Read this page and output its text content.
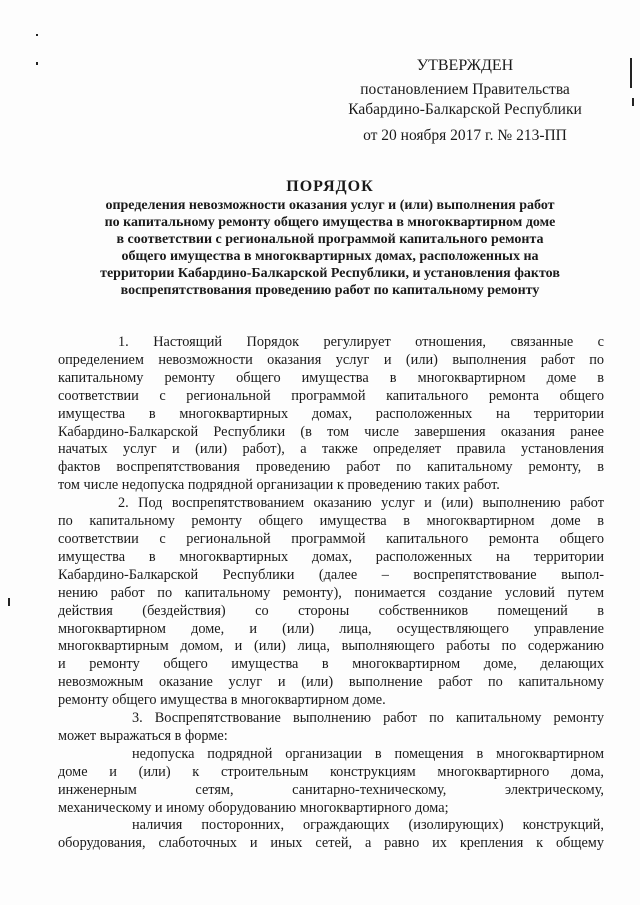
УТВЕРЖДЕН
постановлением Правительства
Кабардино-Балкарской Республики
от 20 ноября 2017 г. № 213-ПП
ПОРЯДОК
определения невозможности оказания услуг и (или) выполнения работ
по капитальному ремонту общего имущества в многоквартирном доме
в соответствии с региональной программой капитального ремонта
общего имущества в многоквартирных домах, расположенных на
территории Кабардино-Балкарской Республики, и установления фактов
воспрепятствования проведению работ по капитальному ремонту
1. Настоящий Порядок регулирует отношения, связанные с
определением невозможности оказания услуг и (или) выполнения работ по
капитальному ремонту общего имущества в многоквартирном доме в
соответствии с региональной программой капитального ремонта общего
имущества в многоквартирных домах, расположенных на территории
Кабардино-Балкарской Республики (в том числе завершения оказания ранее
начатых услуг и (или) работ), а также определяет правила установления
фактов воспрепятствования проведению работ по капитальному ремонту, в
том числе недопуска подрядной организации к проведению таких работ.
2. Под воспрепятствованием оказанию услуг и (или) выполнению работ
по капитальному ремонту общего имущества в многоквартирном доме в
соответствии с региональной программой капитального ремонта общего
имущества в многоквартирных домах, расположенных на территории
Кабардино-Балкарской Республики (далее – воспрепятствование выпол-
нению работ по капитальному ремонту), понимается создание условий путем
действия (бездействия) со стороны собственников помещений в
многоквартирном доме, и (или) лица, осуществляющего управление
многоквартирным домом, и (или) лица, выполняющего работы по содержанию
и ремонту общего имущества в многоквартирном доме, делающих
невозможным оказание услуг и (или) выполнение работ по капитальному
ремонту общего имущества в многоквартирном доме.
3. Воспрепятствование выполнению работ по капитальному ремонту
может выражаться в форме:
недопуска подрядной организации в помещения в многоквартирном
доме и (или) к строительным конструкциям многоквартирного дома,
инженерным сетям, санитарно-техническому, электрическому,
механическому и иному оборудованию многоквартирного дома;
наличия посторонних, ограждающих (изолирующих) конструкций,
оборудования, слаботочных и иных сетей, а равно их крепления к общему
